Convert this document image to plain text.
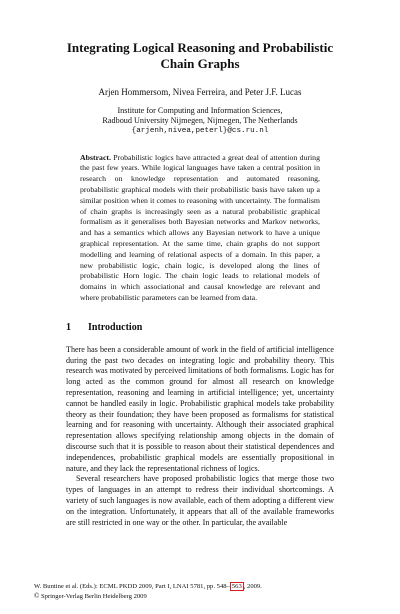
Integrating Logical Reasoning and Probabilistic
Chain Graphs
Arjen Hommersom, Nivea Ferreira, and Peter J.F. Lucas
Institute for Computing and Information Sciences,
Radboud University Nijmegen, Nijmegen, The Netherlands
{arjenh,nivea,peterl}@cs.ru.nl
Abstract. Probabilistic logics have attracted a great deal of attention during the past few years. While logical languages have taken a central position in research on knowledge representation and automated reasoning, probabilistic graphical models with their probabilistic basis have taken up a similar position when it comes to reasoning with uncertainty. The formalism of chain graphs is increasingly seen as a natural probabilistic graphical formalism as it generalises both Bayesian networks and Markov networks, and has a semantics which allows any Bayesian network to have a unique graphical representation. At the same time, chain graphs do not support modelling and learning of relational aspects of a domain. In this paper, a new probabilistic logic, chain logic, is developed along the lines of probabilistic Horn logic. The chain logic leads to relational models of domains in which associational and causal knowledge are relevant and where probabilistic parameters can be learned from data.
1 Introduction

There has been a considerable amount of work in the field of artificial intelligence during the past two decades on integrating logic and probability theory. This research was motivated by perceived limitations of both formalisms. Logic has for long acted as the common ground for almost all research on knowledge representation, reasoning and learning in artificial intelligence; yet, uncertainty cannot be handled easily in logic. Probabilistic graphical models take probability theory as their foundation; they have been proposed as formalisms for statistical learning and for reasoning with uncertainty. Although their associated graphical representation allows specifying relationship among objects in the domain of discourse such that it is possible to reason about their statistical dependences and independences, probabilistic graphical models are essentially propositional in nature, and they lack the representational richness of logics.

Several researchers have proposed probabilistic logics that merge those two types of languages in an attempt to redress their individual shortcomings. A variety of such languages is now available, each of them adopting a different view on the integration. Unfortunately, it appears that all of the available frameworks are still restricted in one way or the other. In particular, the available

W. Buntine et al. (Eds.): ECML PKDD 2009, Part I, LNAI 5781, pp. 548– 563 , 2009.
© Springer-Verlag Berlin Heidelberg 2009
